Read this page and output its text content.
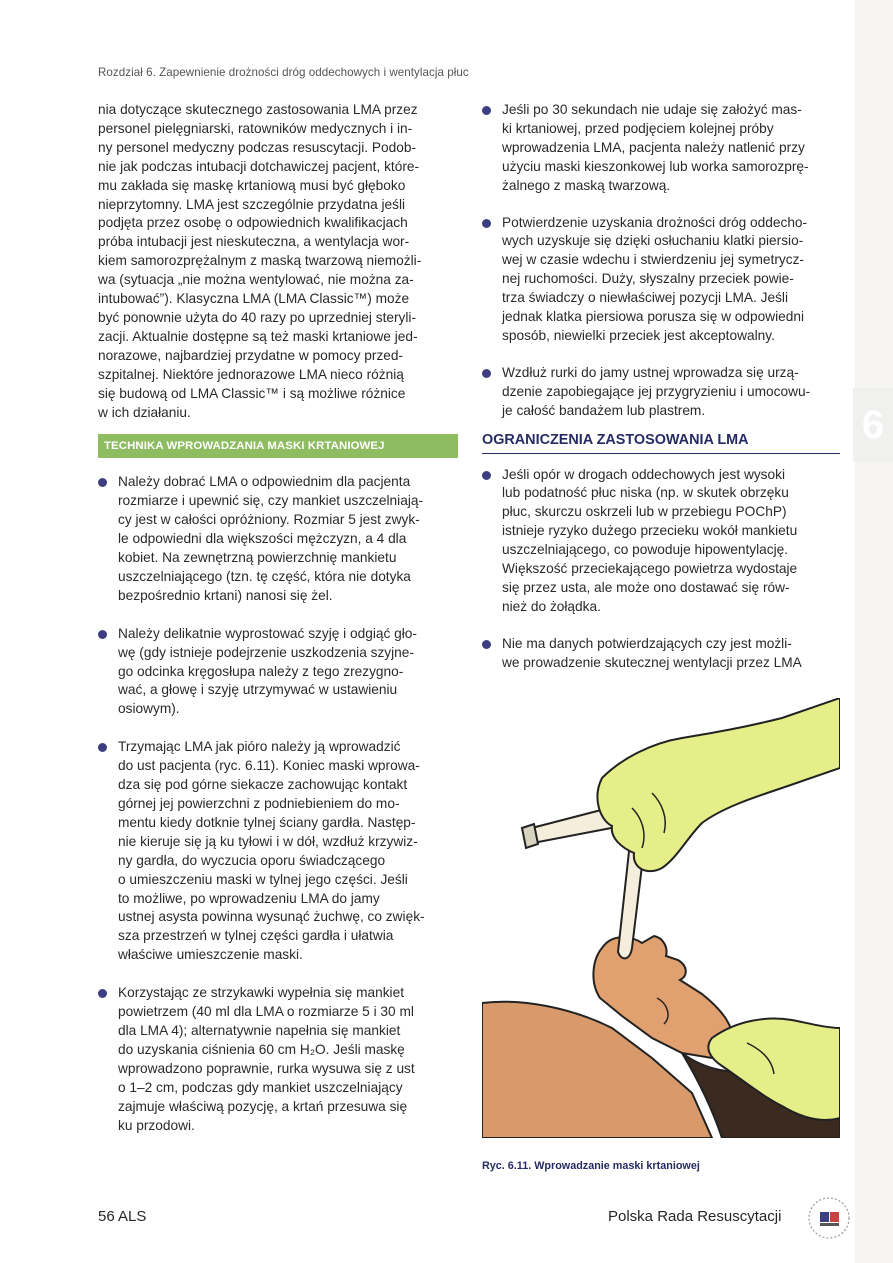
6
Rozdział 6. Zapewnienie drożności dróg oddechowych i wentylacja płuc

nia dotyczące skutecznego zastosowania LMA przez
personel pielęgniarski, ratowników medycznych i in-
ny personel medyczny podczas resuscytacji. Podob-
nie jak podczas intubacji dotchawiczej pacjent, które-
mu zakłada się maskę krtaniową musi być głęboko
nieprzytomny. LMA jest szczególnie przydatna jeśli
podjęta przez osobę o odpowiednich kwalifikacjach
próba intubacji jest nieskuteczna, a wentylacja wor-
kiem samorozprężalnym z maską twarzową niemożli-
wa (sytuacja „nie można wentylować, nie można za-
intubować”). Klasyczna LMA (LMA Classic™) może
być ponownie użyta do 40 razy po uprzedniej steryli-
zacji. Aktualnie dostępne są też maski krtaniowe jed-
norazowe, najbardziej przydatne w pomocy przed-
szpitalnej. Niektóre jednorazowe LMA nieco różnią
się budową od LMA Classic™ i są możliwe różnice
w ich działaniu.

TECHNIKA WPROWADZANIA MASKI KRTANIOWEJ
Należy dobrać LMA o odpowiednim dla pacjenta
rozmiarze i upewnić się, czy mankiet uszczelniają-
cy jest w całości opróżniony. Rozmiar 5 jest zwyk-
le odpowiedni dla większości mężczyzn, a 4 dla
kobiet. Na zewnętrzną powierzchnię mankietu
uszczelniającego (tzn. tę część, która nie dotyka
bezpośrednio krtani) nanosi się żel.
Należy delikatnie wyprostować szyję i odgiąć gło-
wę (gdy istnieje podejrzenie uszkodzenia szyjne-
go odcinka kręgosłupa należy z tego zrezygno-
wać, a głowę i szyję utrzymywać w ustawieniu
osiowym).
Trzymając LMA jak pióro należy ją wprowadzić
do ust pacjenta (ryc. 6.11). Koniec maski wprowa-
dza się pod górne siekacze zachowując kontakt
górnej jej powierzchni z podniebieniem do mo-
mentu kiedy dotknie tylnej ściany gardła. Następ-
nie kieruje się ją ku tyłowi i w dół, wzdłuż krzywiz-
ny gardła, do wyczucia oporu świadczącego
o umieszczeniu maski w tylnej jego części. Jeśli
to możliwe, po wprowadzeniu LMA do jamy
ustnej asysta powinna wysunąć żuchwę, co zwięk-
sza przestrzeń w tylnej części gardła i ułatwia
właściwe umieszczenie maski.
Korzystając ze strzykawki wypełnia się mankiet
powietrzem (40 ml dla LMA o rozmiarze 5 i 30 ml
dla LMA 4); alternatywnie napełnia się mankiet
do uzyskania ciśnienia 60 cm H₂O. Jeśli maskę
wprowadzono poprawnie, rurka wysuwa się z ust
o 1–2 cm, podczas gdy mankiet uszczelniający
zajmuje właściwą pozycję, a krtań przesuwa się
ku przodowi.
Jeśli po 30 sekundach nie udaje się założyć mas-
ki krtaniowej, przed podjęciem kolejnej próby
wprowadzenia LMA, pacjenta należy natlenić przy
użyciu maski kieszonkowej lub worka samorozprę-
żalnego z maską twarzową.
Potwierdzenie uzyskania drożności dróg oddecho-
wych uzyskuje się dzięki osłuchaniu klatki piersio-
wej w czasie wdechu i stwierdzeniu jej symetrycz-
nej ruchomości. Duży, słyszalny przeciek powie-
trza świadczy o niewłaściwej pozycji LMA. Jeśli
jednak klatka piersiowa porusza się w odpowiedni
sposób, niewielki przeciek jest akceptowalny.
Wzdłuż rurki do jamy ustnej wprowadza się urzą-
dzenie zapobiegające jej przygryzieniu i umocowu-
je całość bandażem lub plastrem.
OGRANICZENIA ZASTOSOWANIA LMA
Jeśli opór w drogach oddechowych jest wysoki
lub podatność płuc niska (np. w skutek obrzęku
płuc, skurczu oskrzeli lub w przebiegu POChP)
istnieje ryzyko dużego przecieku wokół mankietu
uszczelniającego, co powoduje hipowentylację.
Większość przeciekającego powietrza wydostaje
się przez usta, ale może ono dostawać się rów-
nież do żołądka.
Nie ma danych potwierdzających czy jest możli-
we prowadzenie skutecznej wentylacji przez LMA
Ryc. 6.11. Wprowadzanie maski krtaniowej
56 ALS	Polska Rada Resuscytacji
